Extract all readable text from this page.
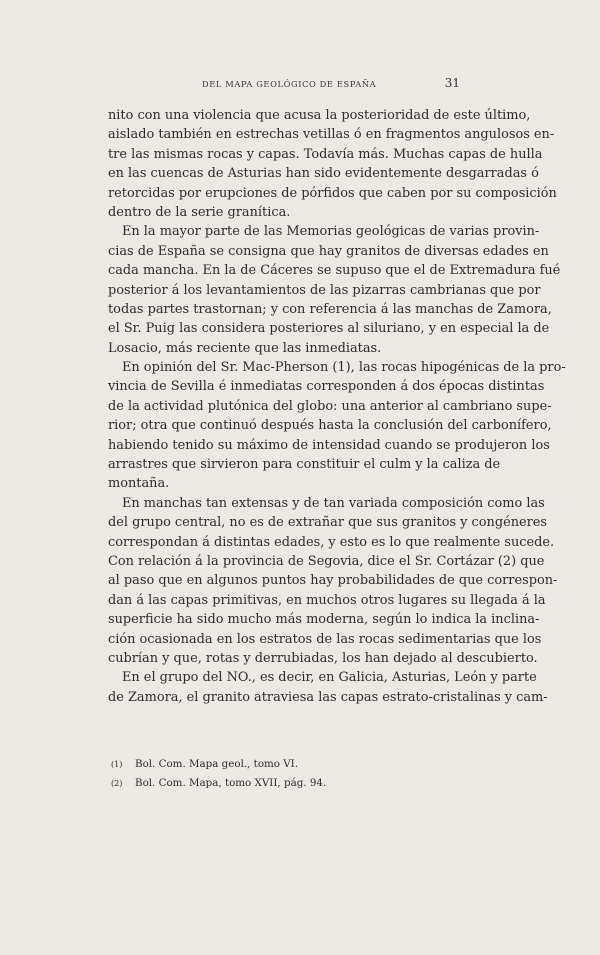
DEL MAPA GEOLÓGICO DE ESPAÑA	31
nito con una violencia que acusa la posterioridad de este último,
aislado también en estrechas vetillas ó en fragmentos angulosos en-
tre las mismas rocas y capas. Todavía más. Muchas capas de hulla
en las cuencas de Asturias han sido evidentemente desgarradas ó
retorcidas por erupciones de pórfidos que caben por su composición
dentro de la serie granítica.
En la mayor parte de las Memorias geológicas de varias provin-
cias de España se consigna que hay granitos de diversas edades en
cada mancha. En la de Cáceres se supuso que el de Extremadura fué
posterior á los levantamientos de las pizarras cambrianas que por
todas partes trastornan; y con referencia á las manchas de Zamora,
el Sr. Puig las considera posteriores al siluriano, y en especial la de
Losacio, más reciente que las inmediatas.
En opinión del Sr. Mac-Pherson (1), las rocas hipogénicas de la pro-
vincia de Sevilla é inmediatas corresponden á dos épocas distintas
de la actividad plutónica del globo: una anterior al cambriano supe-
rior; otra que continuó después hasta la conclusión del carbonífero,
habiendo tenido su máximo de intensidad cuando se produjeron los
arrastres que sirvieron para constituir el culm y la caliza de
montaña.
En manchas tan extensas y de tan variada composición como las
del grupo central, no es de extrañar que sus granitos y congéneres
correspondan á distintas edades, y esto es lo que realmente sucede.
Con relación á la provincia de Segovia, dice el Sr. Cortázar (2) que
al paso que en algunos puntos hay probabilidades de que correspon-
dan á las capas primitivas, en muchos otros lugares su llegada á la
superficie ha sido mucho más moderna, según lo indica la inclina-
ción ocasionada en los estratos de las rocas sedimentarias que los
cubrían y que, rotas y derrubiadas, los han dejado al descubierto.
En el grupo del NO., es decir, en Galicia, Asturias, León y parte
de Zamora, el granito atraviesa las capas estrato-cristalinas y cam-
(1) Bol. Com. Mapa geol., tomo VI.
(2) Bol. Com. Mapa, tomo XVII, pág. 94.
